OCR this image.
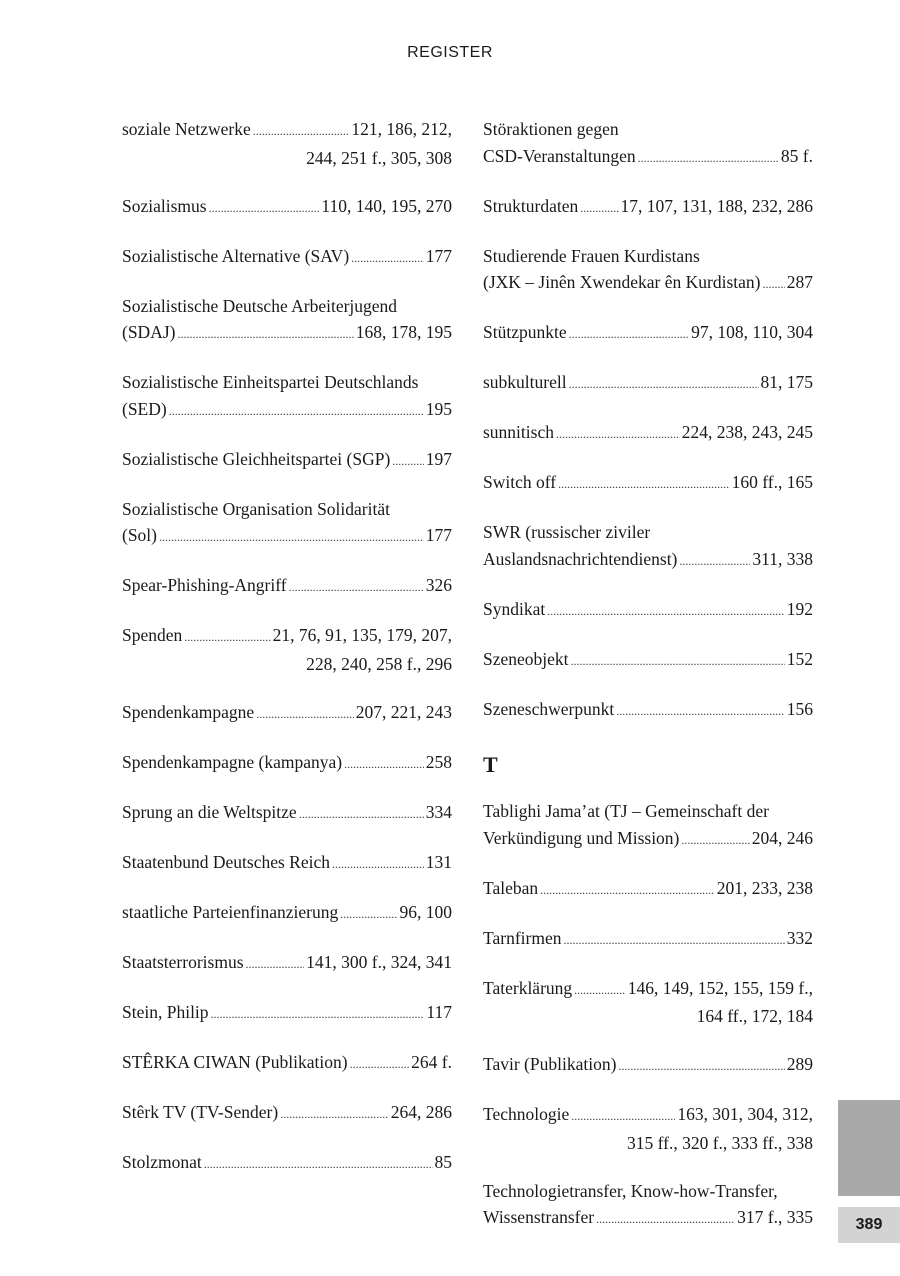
REGISTER
soziale Netzwerke .....	121, 186, 212,
244, 251 f., 305, 308
Sozialismus .....	110, 140, 195, 270
Sozialistische Alternative (SAV) .....	177
Sozialistische Deutsche Arbeiterjugend
(SDAJ) .....	168, 178, 195
Sozialistische Einheitspartei Deutschlands
(SED) .....	195
Sozialistische Gleichheitspartei (SGP) ..... 197
Sozialistische Organisation Solidarität
(Sol) .....	177
Spear-Phishing-Angriff .....	326
Spenden .....	21, 76, 91, 135, 179, 207,
228, 240, 258 f., 296
Spendenkampagne .....	207, 221, 243
Spendenkampagne (kampanya) .....	258
Sprung an die Weltspitze .....	334
Staatenbund Deutsches Reich .....	131
staatliche Parteienfinanzierung .....	96, 100
Staatsterrorismus .....	141, 300 f., 324, 341
Stein, Philip .....	117
STÊRKA CIWAN (Publikation) .....	264 f.
Stêrk TV (TV-Sender) .....	264, 286
Stolzmonat .....	85
Störaktionen gegen
CSD-Veranstaltungen .....	85 f.
Strukturdaten ..... 17, 107, 131, 188, 232, 286
Studierende Frauen Kurdistans
(JXK – Jinên Xwendekar ên Kurdistan) ..... 287
Stützpunkte .....	97, 108, 110, 304
subkulturell .....	81, 175
sunnitisch .....	224, 238, 243, 245
Switch off .....	160 ff., 165
SWR (russischer ziviler
Auslandsnachrichtendienst) .....	311, 338
Syndikat .....	192
Szeneobjekt .....	152
Szeneschwerpunkt .....	156
T
Tablighi Jama’at (TJ – Gemeinschaft der
Verkündigung und Mission) .....	204, 246
Taleban .....	201, 233, 238
Tarnfirmen .....	332
Taterklärung .....	146, 149, 152, 155, 159 f.,
164 ff., 172, 184
Tavir (Publikation) .....	289
Technologie .....	163, 301, 304, 312,
315 ff., 320 f., 333 ff., 338
Technologietransfer, Know-how-Transfer,
Wissenstransfer .....	317 f., 335	389
